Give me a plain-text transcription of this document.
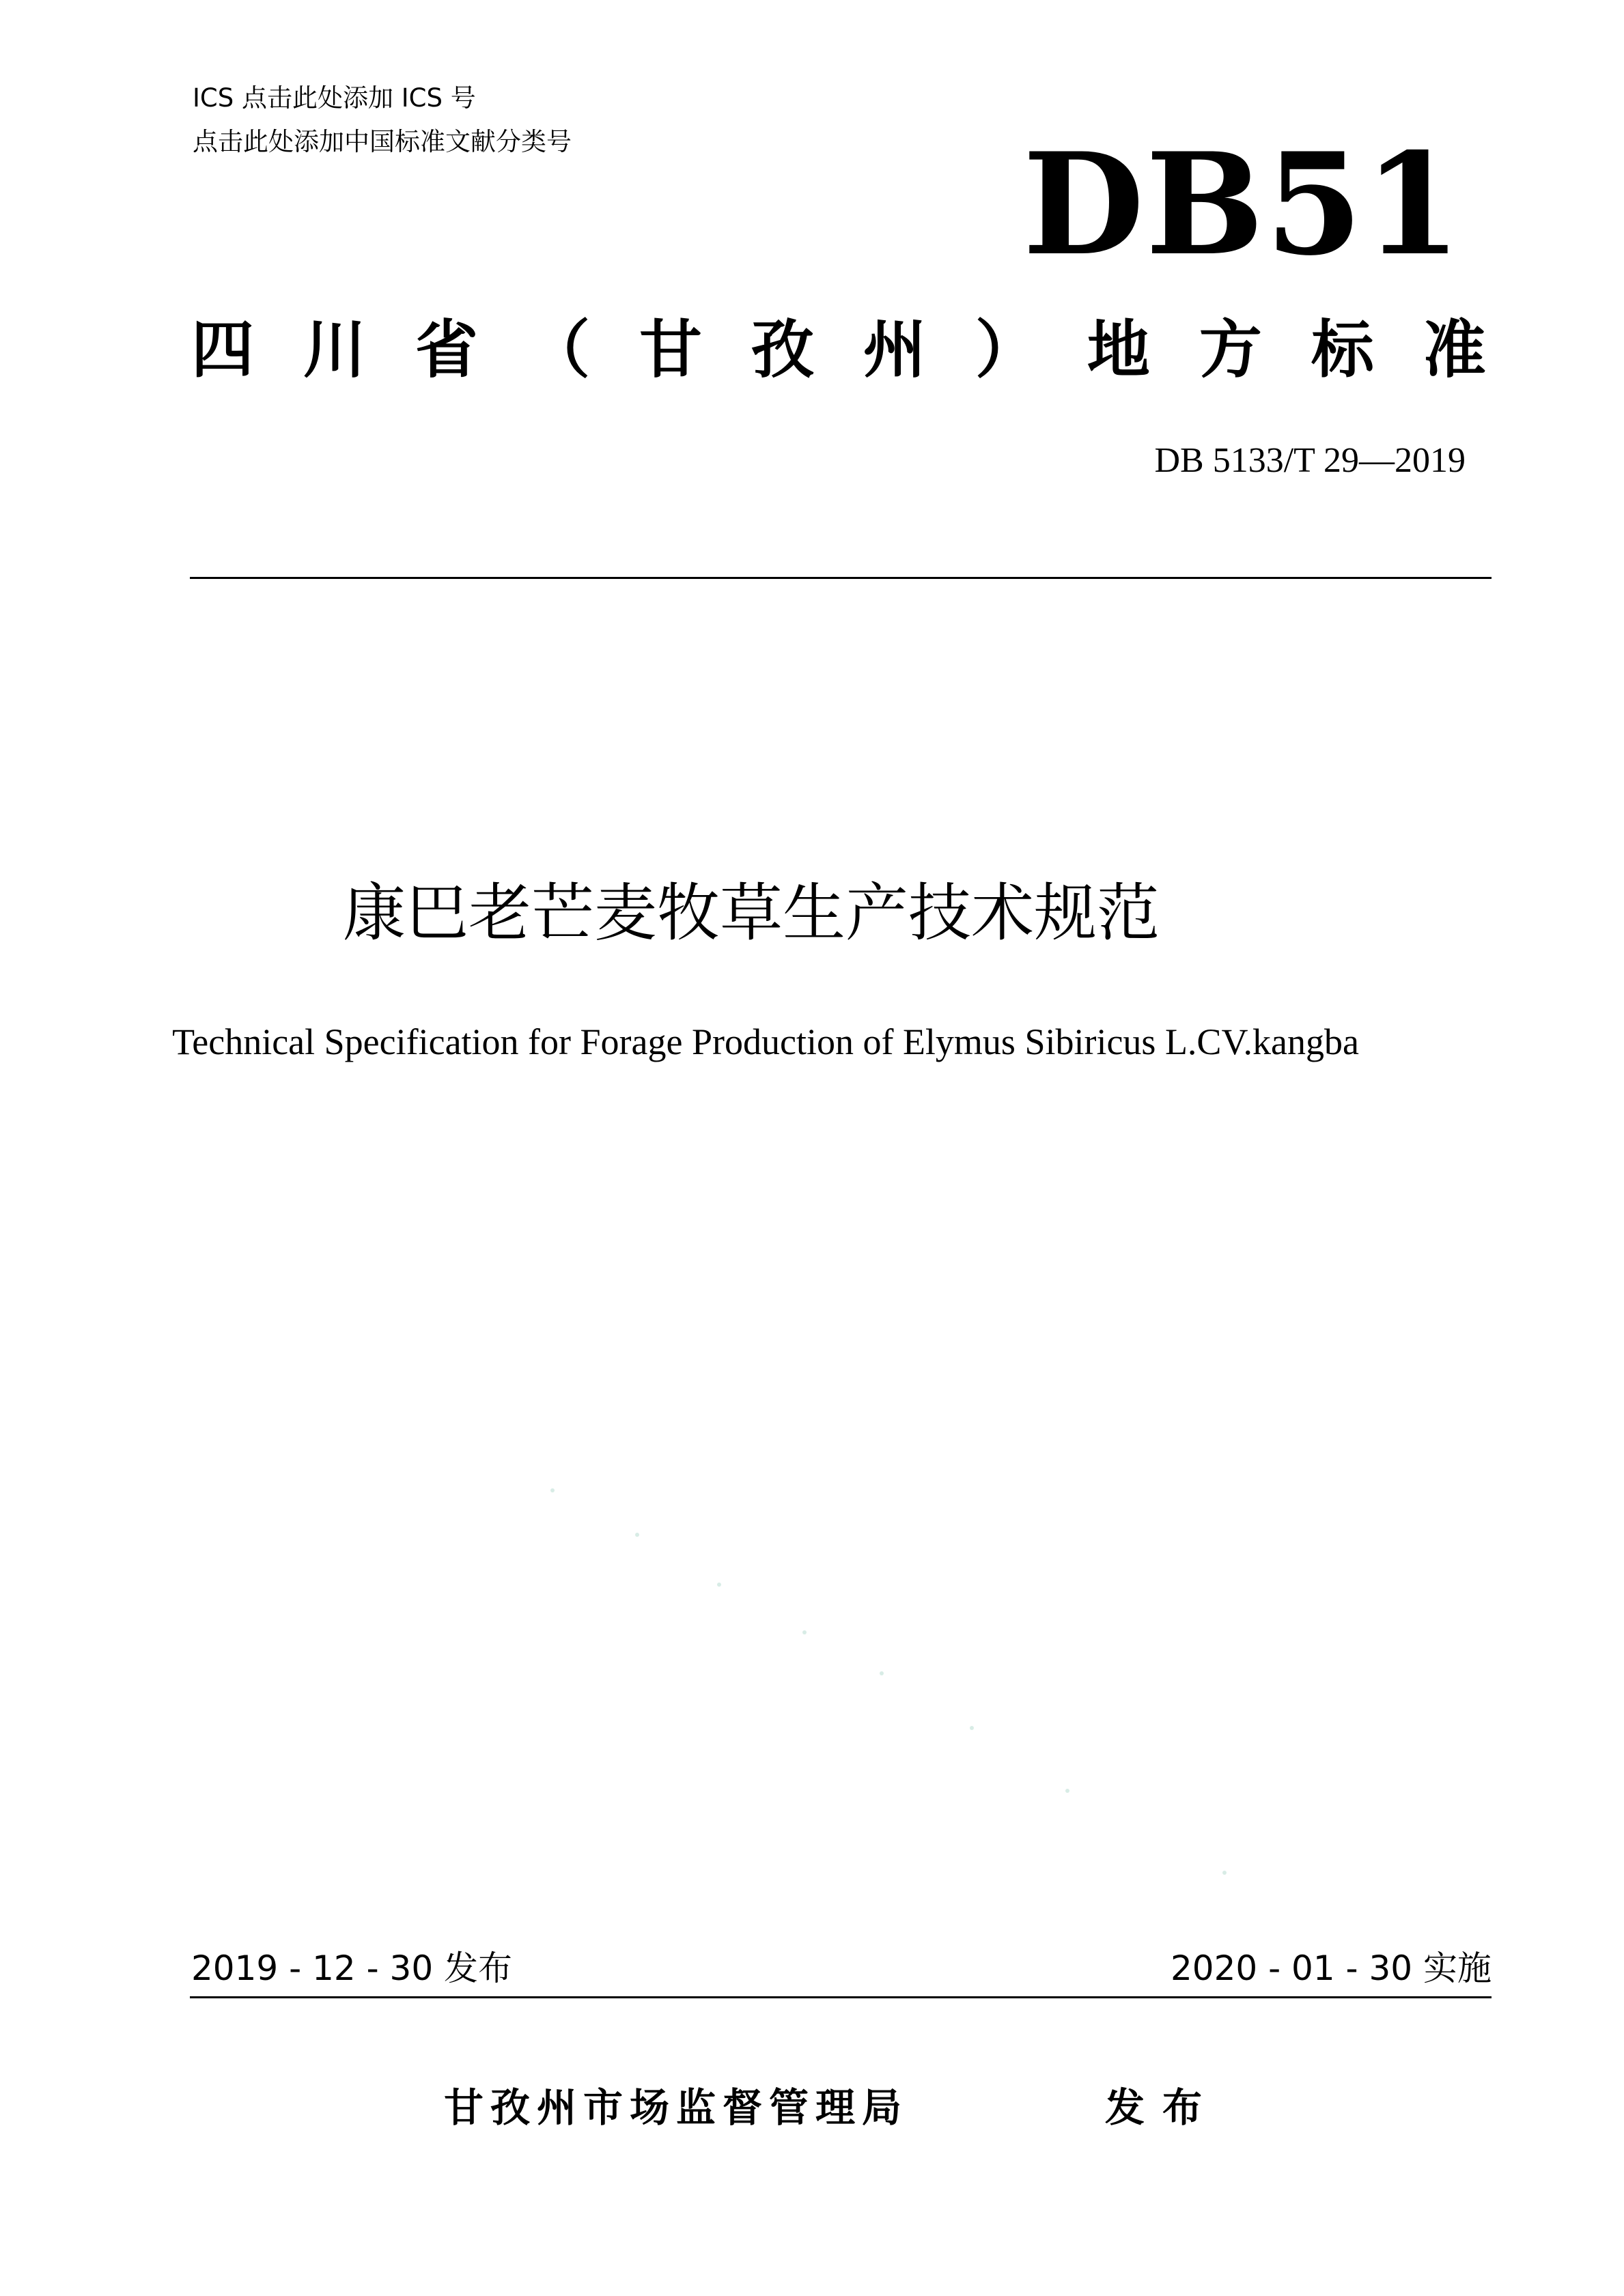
ICS 点击此处添加 ICS 号
点击此处添加中国标准文献分类号	DB51
四 川 省 （ 甘 孜 州 ） 地 方 标 准
DB 5133/T 29—2019
康巴老芒麦牧草生产技术规范
Technical Specification for Forage Production of Elymus Sibiricus L.CV.kangba
2019 - 12 - 30 发布	2020 - 01 - 30 实施
甘孜州市场监督管理局	发布
